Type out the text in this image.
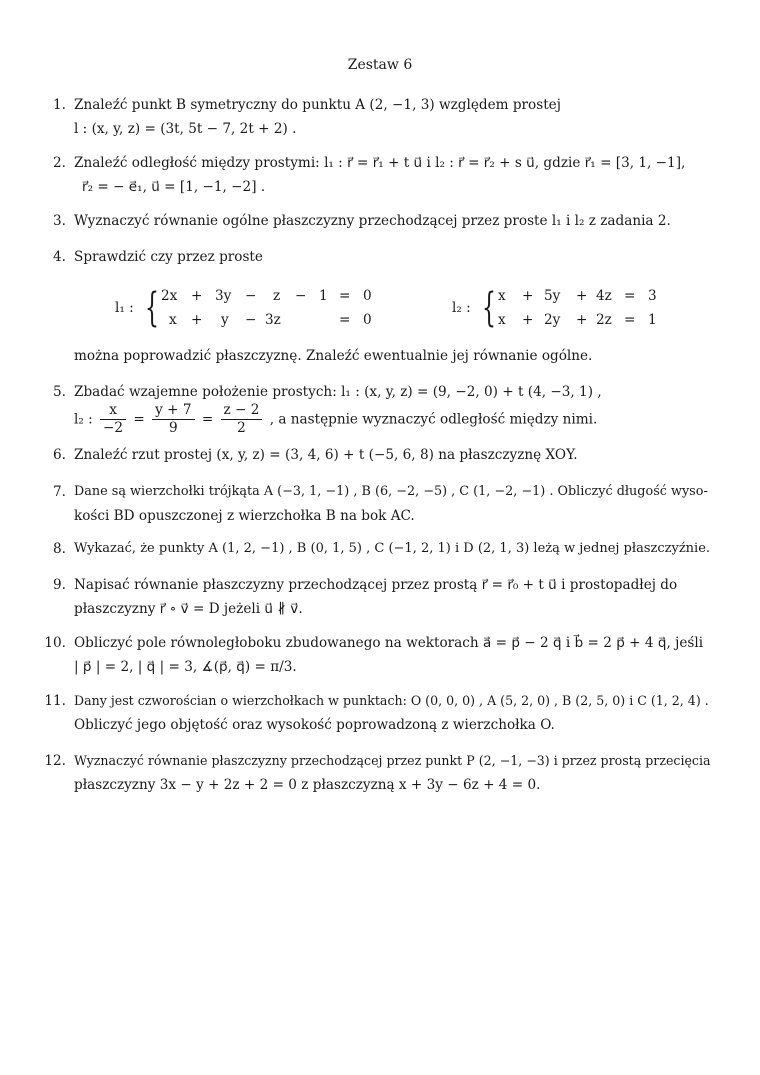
Zestaw 6
1. Znaleźć punkt B symetryczny do punktu A (2, −1, 3) względem prostej
l : (x, y, z) = (3t, 5t − 7, 2t + 2) .
2. Znaleźć odległość między prostymi: l₁ : r⃗ = r⃗₁ + t u⃗ i l₂ : r⃗ = r⃗₂ + s u⃗, gdzie r⃗₁ = [3, 1, −1],
r⃗₂ = − e⃗₁, u⃗ = [1, −1, −2] .
3. Wyznaczyć równanie ogólne płaszczyzny przechodzącej przez proste l₁ i l₂ z zadania 2.
4. Sprawdzić czy przez proste
l₁ : { 2x + 3y − z − 1 = 0
x + y − 3z	= 0
l₂ : { x + 5y + 4z = 3
x + 2y + 2z = 1
można poprowadzić płaszczyznę. Znaleźć ewentualnie jej równanie ogólne.
5. Zbadać wzajemne położenie prostych: l₁ : (x, y, z) = (9, −2, 0) + t (4, −3, 1) ,
l₂ : $\frac{x}{-2} = \frac{y + 7}{9} = \frac{z - 2}{2}$ , a następnie wyznaczyć odległość między nimi.
6. Znaleźć rzut prostej (x, y, z) = (3, 4, 6) + t (−5, 6, 8) na płaszczyznę XOY.
7. Dane są wierzchołki trójkąta A (−3, 1, −1) , B (6, −2, −5) , C (1, −2, −1) . Obliczyć długość wyso-
kości BD opuszczonej z wierzchołka B na bok AC.
8. Wykazać, że punkty A (1, 2, −1) , B (0, 1, 5) , C (−1, 2, 1) i D (2, 1, 3) leżą w jednej płaszczyźnie.
9. Napisać równanie płaszczyzny przechodzącej przez prostą r⃗ = r⃗₀ + t u⃗ i prostopadłej do
płaszczyzny r⃗ ∘ v⃗ = D jeżeli u⃗ ∦ v⃗.
10. Obliczyć pole równoległoboku zbudowanego na wektorach a⃗ = p⃗ − 2 q⃗ i b⃗ = 2 p⃗ + 4 q⃗, jeśli
| p⃗ | = 2, | q⃗ | = 3, ∡(p⃗, q⃗) = π/3.
11. Dany jest czworościan o wierzchołkach w punktach: O (0, 0, 0) , A (5, 2, 0) , B (2, 5, 0) i C (1, 2, 4) .
Obliczyć jego objętość oraz wysokość poprowadzoną z wierzchołka O.
12. Wyznaczyć równanie płaszczyzny przechodzącej przez punkt P (2, −1, −3) i przez prostą przecięcia
płaszczyzny 3x − y + 2z + 2 = 0 z płaszczyzną x + 3y − 6z + 4 = 0.
